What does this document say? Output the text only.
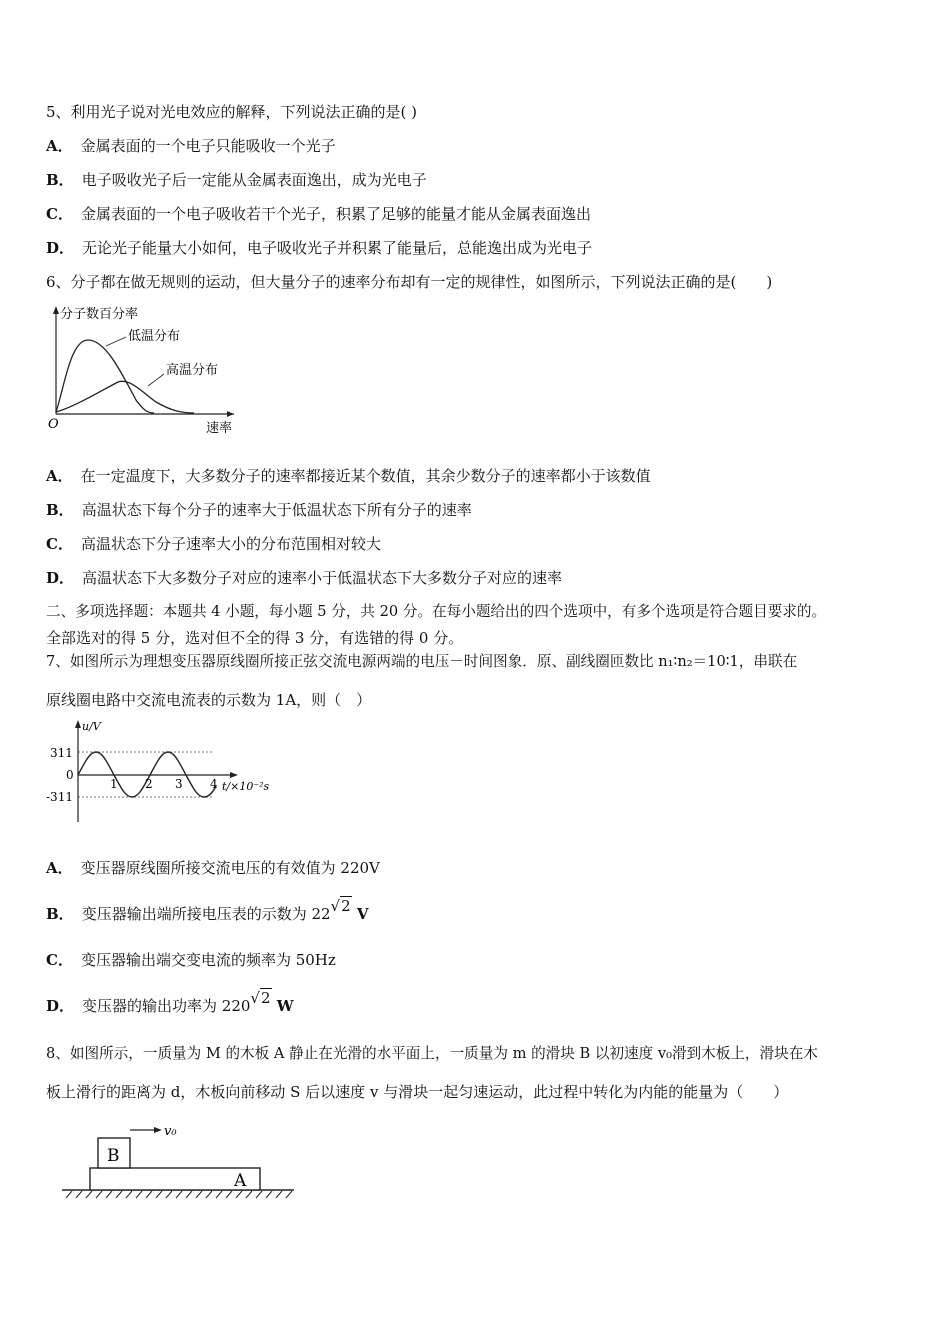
5、利用光子说对光电效应的解释，下列说法正确的是( )
A． 金属表面的一个电子只能吸收一个光子
B． 电子吸收光子后一定能从金属表面逸出，成为光电子
C． 金属表面的一个电子吸收若干个光子，积累了足够的能量才能从金属表面逸出
D． 无论光子能量大小如何，电子吸收光子并积累了能量后，总能逸出成为光电子
6、分子都在做无规则的运动，但大量分子的速率分布却有一定的规律性，如图所示，下列说法正确的是(　　)
分子数百分率
低温分布
高温分布
O	速率
A． 在一定温度下，大多数分子的速率都接近某个数值，其余少数分子的速率都小于该数值
B． 高温状态下每个分子的速率大于低温状态下所有分子的速率
C． 高温状态下分子速率大小的分布范围相对较大
D． 高温状态下大多数分子对应的速率小于低温状态下大多数分子对应的速率
二、多项选择题：本题共 4 小题，每小题 5 分，共 20 分。在每小题给出的四个选项中，有多个选项是符合题目要求的。
全部选对的得 5 分，选对但不全的得 3 分，有选错的得 0 分。
7、如图所示为理想变压器原线圈所接正弦交流电源两端的电压－时间图象．原、副线圈匝数比 n₁∶n₂＝10∶1，串联在
原线圈电路中交流电流表的示数为 1A，则（　）
311
0
-311
u/V
1 2 3 4 t/×10⁻²s
A． 变压器原线圈所接交流电压的有效值为 220V
B． 变压器输出端所接电压表的示数为 22√2 V
C． 变压器输出端交变电流的频率为 50Hz
D． 变压器的输出功率为 220√2 W
8、如图所示，一质量为 M 的木板 A 静止在光滑的水平面上，一质量为 m 的滑块 B 以初速度 v₀滑到木板上，滑块在木
板上滑行的距离为 d，木板向前移动 S 后以速度 v 与滑块一起匀速运动，此过程中转化为内能的能量为（　　）
B
A
v₀
